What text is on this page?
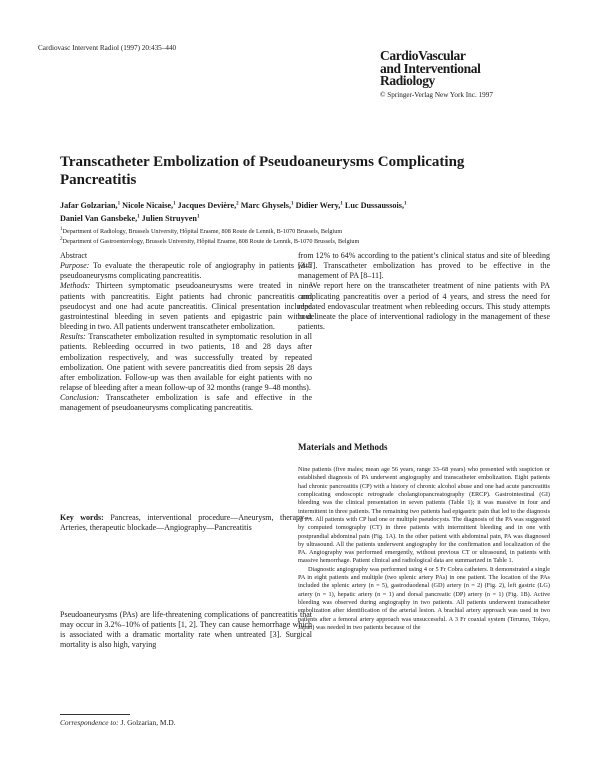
Cardiovasc Intervent Radiol (1997) 20:435–440	CardioVascular
and Interventional
Radiology
© Springer-Verlag New York Inc. 1997
Transcatheter Embolization of Pseudoaneurysms Complicating
Pancreatitis
Jafar Golzarian,$^1$ Nicole Nicaise,$^1$ Jacques Devière,$^2$ Marc Ghysels,$^1$ Didier Wery,$^1$ Luc Dussaussois,$^1$
Daniel Van Gansbeke,$^1$ Julien Struyven$^1$
$^1$Department of Radiology, Brussels University, Hôpital Erasme, 808 Route de Lennik, B-1070 Brussels, Belgium
$^2$Department of Gastroenterology, Brussels University, Hôpital Erasme, 808 Route de Lennik, B-1070 Brussels, Belgium
Abstract

Purpose: To evaluate the therapeutic role of angiography in patients with pseudoaneurysms complicating pancreatitis.

Methods: Thirteen symptomatic pseudoaneurysms were treated in nine patients with pancreatitis. Eight patients had chronic pancreatitis and pseudocyst and one had acute pancreatitis. Clinical presentation included gastrointestinal bleeding in seven patients and epigastric pain without bleeding in two. All patients underwent transcatheter embolization.

Results: Transcatheter embolization resulted in symptomatic resolution in all patients. Rebleeding occurred in two patients, 18 and 28 days after embolization respectively, and was successfully treated by repeated embolization. One patient with severe pancreatitis died from sepsis 28 days after embolization. Follow-up was then available for eight patients with no relapse of bleeding after a mean follow-up of 32 months (range 9–48 months).

Conclusion: Transcatheter embolization is safe and effective in the management of pseudoaneurysms complicating pancreatitis.

Key words: Pancreas, interventional procedure—Aneurysm, therapy—Arteries, therapeutic blockade—Angiography—Pancreatitis
Pseudoaneurysms (PAs) are life-threatening complications of pancreatitis that may occur in 3.2%–10% of patients [1, 2]. They can cause hemorrhage which is associated with a dramatic mortality rate when untreated [3]. Surgical mortality is also high, varying
Correspondence to: J. Golzarian, M.D.

from 12% to 64% according to the patient’s clinical status and site of bleeding [3–7]. Transcatheter embolization has proved to be effective in the management of PA [8–11].

We report here on the transcatheter treatment of nine patients with PA complicating pancreatitis over a period of 4 years, and stress the need for repeated endovascular treatment when rebleeding occurs. This study attempts to delineate the place of interventional radiology in the management of these patients.

Materials and Methods

Nine patients (five males; mean age 56 years, range 33–68 years) who presented with suspicion or established diagnosis of PA underwent angiography and transcatheter embolization. Eight patients had chronic pancreatitis (CP) with a history of chronic alcohol abuse and one had acute pancreatitis complicating endoscopic retrograde cholangiopancreatography (ERCP). Gastrointestinal (GI) bleeding was the clinical presentation in seven patients (Table 1); it was massive in four and intermittent in three patients. The remaining two patients had epigastric pain that led to the diagnosis of PA. All patients with CP had one or multiple pseudocysts. The diagnosis of the PA was suggested by computed tomography (CT) in three patients with intermittent bleeding and in one with postprandial abdominal pain (Fig. 1A). In the other patient with abdominal pain, PA was diagnosed by ultrasound. All the patients underwent angiography for the confirmation and localization of the PA. Angiography was performed emergently, without previous CT or ultrasound, in patients with massive hemorrhage. Patient clinical and radiological data are summarized in Table 1.

Diagnostic angiography was performed using 4 or 5 Fr Cobra catheters. It demonstrated a single PA in eight patients and multiple (two splenic artery PAs) in one patient. The location of the PAs included the splenic artery (n = 5), gastroduodenal (GD) artery (n = 2) (Fig. 2), left gastric (LG) artery (n = 1), hepatic artery (n = 1) and dorsal pancreatic (DP) artery (n = 1) (Fig. 1B). Active bleeding was observed during angiography in two patients. All patients underwent transcatheter embolization after identification of the arterial lesion. A brachial artery approach was used in two patients after a femoral artery approach was unsuccessful. A 3 Fr coaxial system (Terumo, Tokyo, Japan) was needed in two patients because of the
